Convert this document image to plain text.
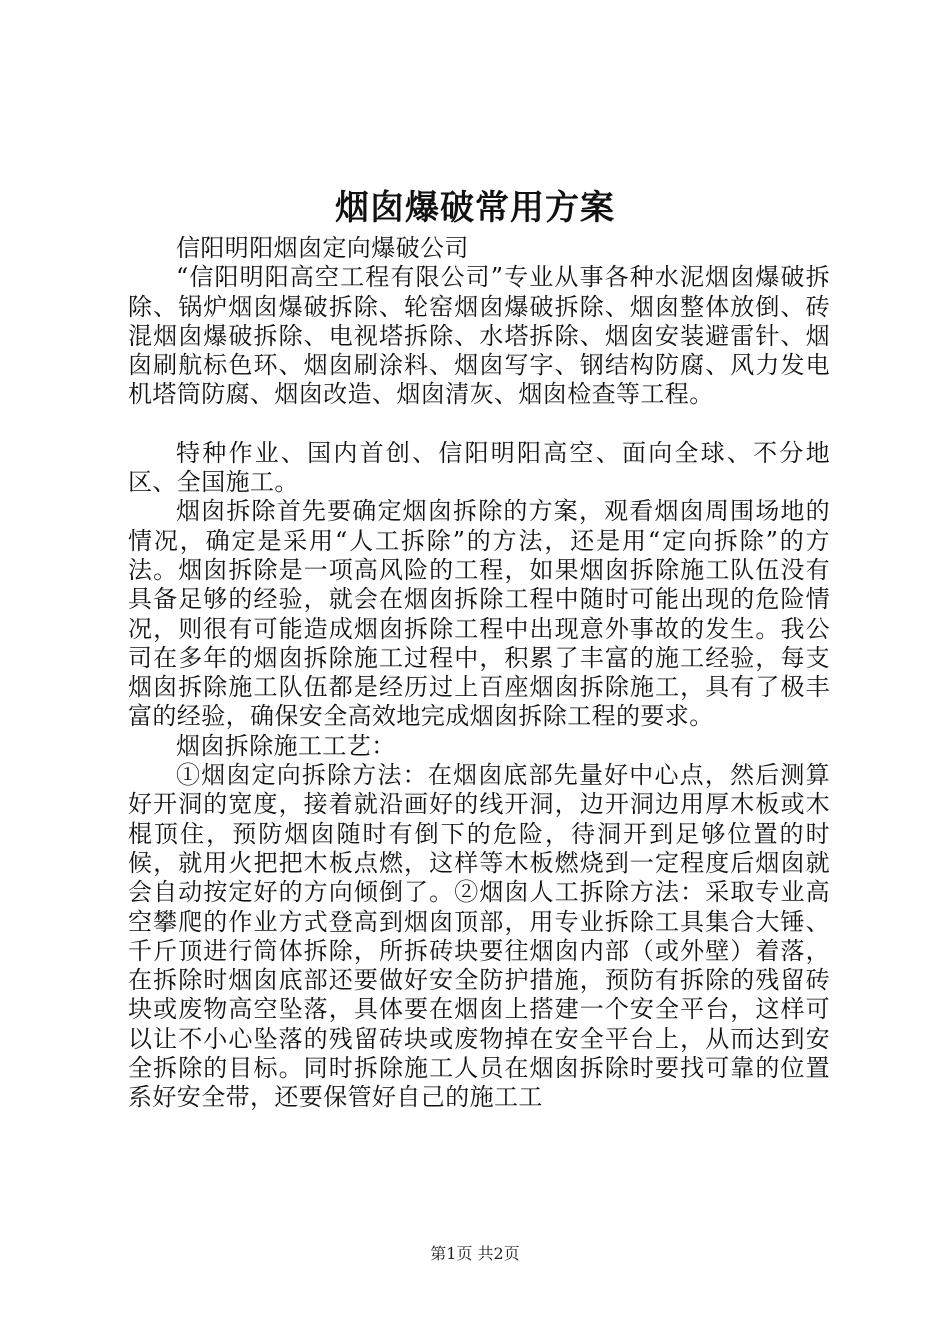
烟囱爆破常用方案

信阳明阳烟囱定向爆破公司

“信阳明阳高空工程有限公司”专业从事各种水泥烟囱爆破拆除、锅炉烟囱爆破拆除、轮窑烟囱爆破拆除、烟囱整体放倒、砖混烟囱爆破拆除、电视塔拆除、水塔拆除、烟囱安装避雷针、烟囱刷航标色环、烟囱刷涂料、烟囱写字、钢结构防腐、风力发电机塔筒防腐、烟囱改造、烟囱清灰、烟囱检查等工程。

特种作业、国内首创、信阳明阳高空、面向全球、不分地区、全国施工。

烟囱拆除首先要确定烟囱拆除的方案，观看烟囱周围场地的情况，确定是采用“人工拆除”的方法，还是用“定向拆除”的方法。烟囱拆除是一项高风险的工程，如果烟囱拆除施工队伍没有具备足够的经验，就会在烟囱拆除工程中随时可能出现的危险情况，则很有可能造成烟囱拆除工程中出现意外事故的发生。我公司在多年的烟囱拆除施工过程中，积累了丰富的施工经验，每支烟囱拆除施工队伍都是经历过上百座烟囱拆除施工，具有了极丰富的经验，确保安全高效地完成烟囱拆除工程的要求。

烟囱拆除施工工艺：

①烟囱定向拆除方法：在烟囱底部先量好中心点，然后测算好开洞的宽度，接着就沿画好的线开洞，边开洞边用厚木板或木棍顶住，预防烟囱随时有倒下的危险，待洞开到足够位置的时候，就用火把把木板点燃，这样等木板燃烧到一定程度后烟囱就会自动按定好的方向倾倒了。②烟囱人工拆除方法：采取专业高空攀爬的作业方式登高到烟囱顶部，用专业拆除工具集合大锤、千斤顶进行筒体拆除，所拆砖块要往烟囱内部（或外壁）着落，在拆除时烟囱底部还要做好安全防护措施，预防有拆除的残留砖块或废物高空坠落，具体要在烟囱上搭建一个安全平台，这样可以让不小心坠落的残留砖块或废物掉在安全平台上，从而达到安全拆除的目标。同时拆除施工人员在烟囱拆除时要找可靠的位置系好安全带，还要保管好自己的施工工

第1页 共2页
